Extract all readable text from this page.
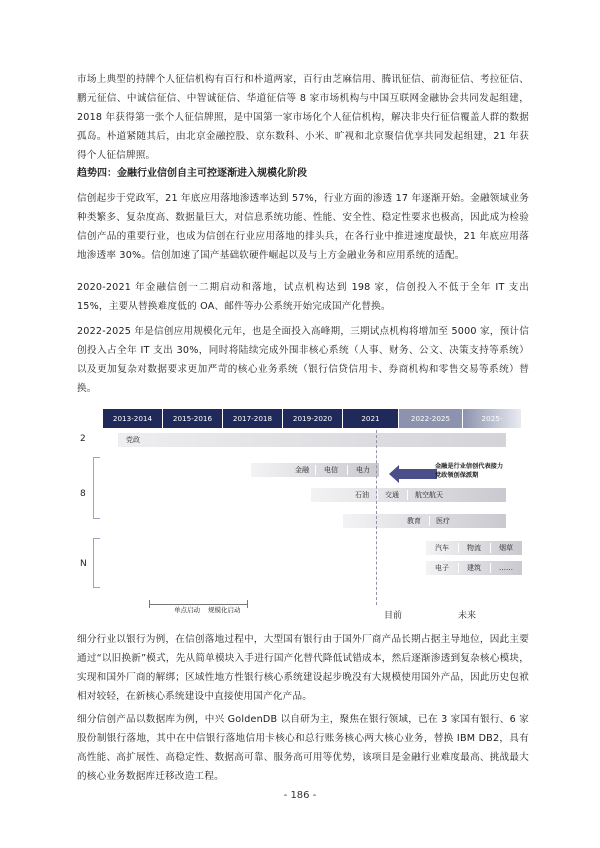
市场上典型的持牌个人征信机构有百行和朴道两家，百行由芝麻信用、腾讯征信、前海征信、考拉征信、鹏元征信、中诚信征信、中智诚征信、华道征信等 8 家市场机构与中国互联网金融协会共同发起组建，2018 年获得第一张个人征信牌照，是中国第一家市场化个人征信机构，解决非央行征信覆盖人群的数据孤岛。朴道紧随其后，由北京金融控股、京东数科、小米、旷视和北京聚信优享共同发起组建，21 年获得个人征信牌照。
趋势四：金融行业信创自主可控逐渐进入规模化阶段
信创起步于党政军，21 年底应用落地渗透率达到 57%，行业方面的渗透 17 年逐渐开始。金融领域业务种类繁多、复杂度高、数据量巨大，对信息系统功能、性能、安全性、稳定性要求也极高，因此成为检验信创产品的重要行业，也成为信创在行业应用落地的排头兵，在各行业中推进速度最快，21 年底应用落地渗透率 30%。信创加速了国产基础软硬件崛起以及与上方金融业务和应用系统的适配。
2020-2021 年金融信创一二期启动和落地，试点机构达到 198 家，信创投入不低于全年 IT 支出 15%，主要从替换难度低的 OA、邮件等办公系统开始完成国产化替换。
2022-2025 年是信创应用规模化元年，也是全面投入高峰期，三期试点机构将增加至 5000 家，预计信创投入占全年 IT 支出 30%，同时将陆续完成外围非核心系统（人事、财务、公文、决策支持等系统）以及更加复杂对数据要求更加严苛的核心业务系统（银行信贷信用卡、券商机构和零售交易等系统）替换。
2013-2014	2015-2016	2017-2018	2019-2020	2021	2022-2025	2025-
2
8
N
党政
金融	电信	电力	金融是行业信创代表接力
党政领创保派期
石油	交通	航空航天
教育	医疗
汽车	物流	烟草
电子	建筑	……
单点启动 规模化启动
目前	未来
细分行业以银行为例，在信创落地过程中，大型国有银行由于国外厂商产品长期占据主导地位，因此主要通过“以旧换新”模式，先从简单模块入手进行国产化替代降低试错成本，然后逐渐渗透到复杂核心模块，实现和国外厂商的解绑；区域性地方性银行核心系统建设起步晚没有大规模使用国外产品，因此历史包袱相对较轻，在新核心系统建设中直接使用国产化产品。
细分信创产品以数据库为例，中兴 GoldenDB 以自研为主，聚焦在银行领域，已在 3 家国有银行、6 家股份制银行落地，其中在中信银行落地信用卡核心和总行账务核心两大核心业务，替换 IBM DB2，具有高性能、高扩展性、高稳定性、数据高可靠、服务高可用等优势，该项目是金融行业难度最高、挑战最大的核心业务数据库迁移改造工程。
- 186 -
